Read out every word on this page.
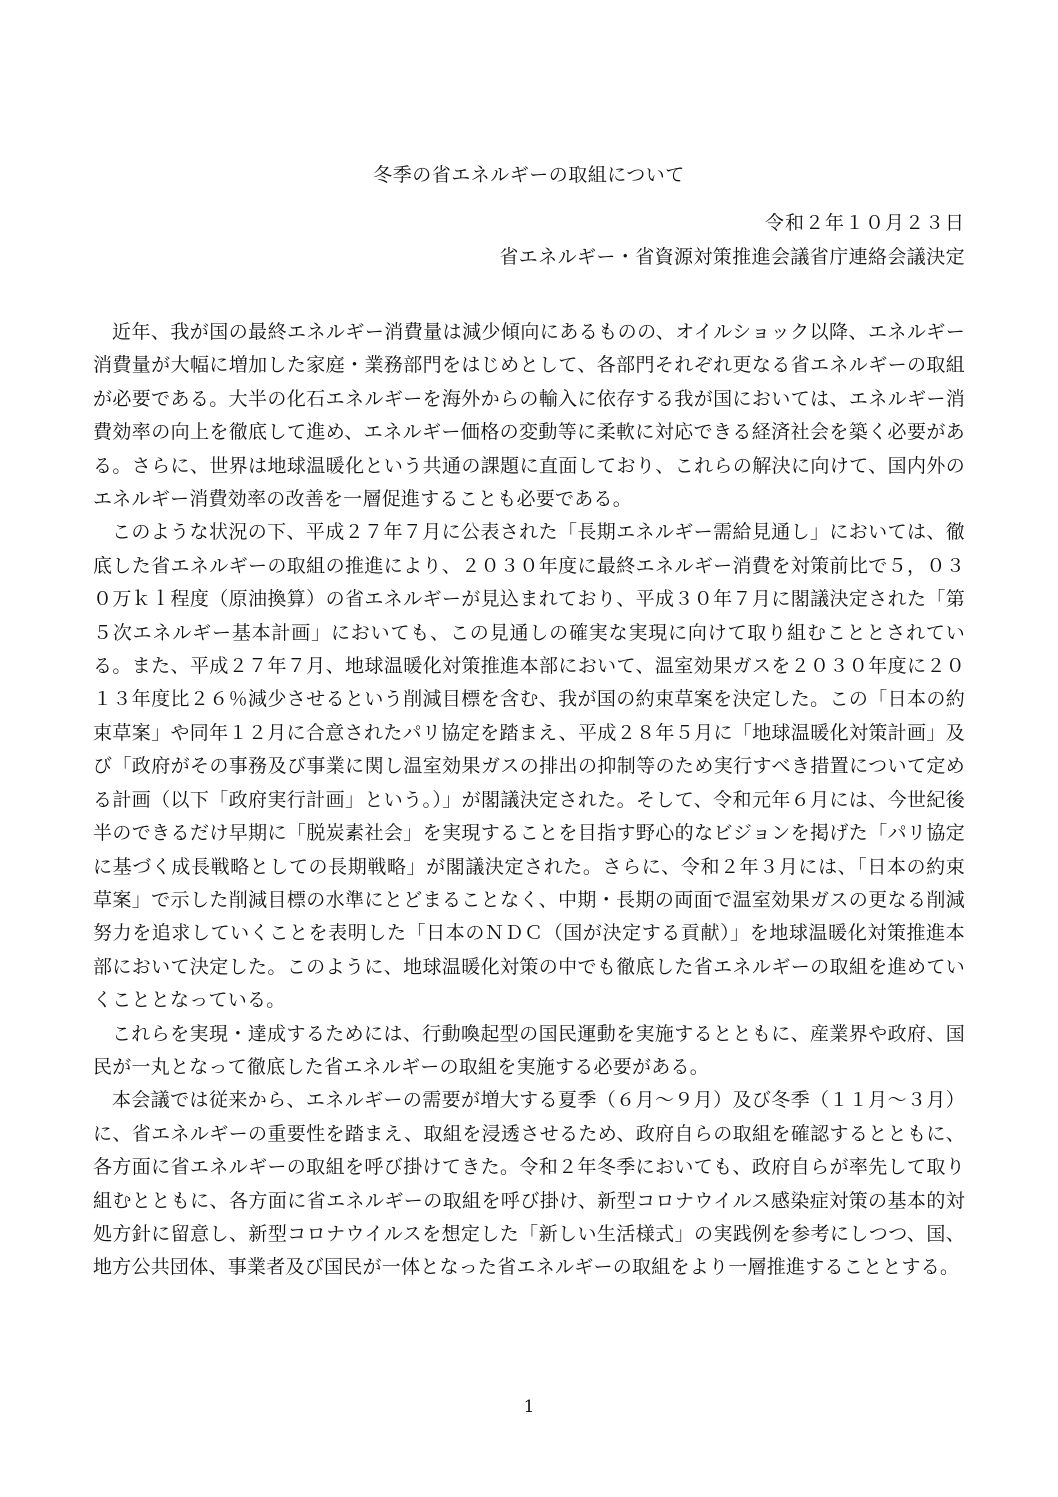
冬季の省エネルギーの取組について
令和２年１０月２３日
省エネルギー・省資源対策推進会議省庁連絡会議決定

近年、我が国の最終エネルギー消費量は減少傾向にあるものの、オイルショック以降、エネルギー消費量が大幅に増加した家庭・業務部門をはじめとして、各部門それぞれ更なる省エネルギーの取組が必要である。大半の化石エネルギーを海外からの輸入に依存する我が国においては、エネルギー消費効率の向上を徹底して進め、エネルギー価格の変動等に柔軟に対応できる経済社会を築く必要がある。さらに、世界は地球温暖化という共通の課題に直面しており、これらの解決に向けて、国内外のエネルギー消費効率の改善を一層促進することも必要である。

このような状況の下、平成２７年７月に公表された「長期エネルギー需給見通し」においては、徹底した省エネルギーの取組の推進により、２０３０年度に最終エネルギー消費を対策前比で５，０３０万ｋｌ程度（原油換算）の省エネルギーが見込まれており、平成３０年７月に閣議決定された「第５次エネルギー基本計画」においても、この見通しの確実な実現に向けて取り組むこととされている。また、平成２７年７月、地球温暖化対策推進本部において、温室効果ガスを２０３０年度に２０１３年度比２６％減少させるという削減目標を含む、我が国の約束草案を決定した。この「日本の約束草案」や同年１２月に合意されたパリ協定を踏まえ、平成２８年５月に「地球温暖化対策計画」及び「政府がその事務及び事業に関し温室効果ガスの排出の抑制等のため実行すべき措置について定める計画（以下「政府実行計画」という。）」が閣議決定された。そして、令和元年６月には、今世紀後半のできるだけ早期に「脱炭素社会」を実現することを目指す野心的なビジョンを掲げた「パリ協定に基づく成長戦略としての長期戦略」が閣議決定された。さらに、令和２年３月には、「日本の約束草案」で示した削減目標の水準にとどまることなく、中期・長期の両面で温室効果ガスの更なる削減努力を追求していくことを表明した「日本のＮＤＣ（国が決定する貢献）」を地球温暖化対策推進本部において決定した。このように、地球温暖化対策の中でも徹底した省エネルギーの取組を進めていくこととなっている。

これらを実現・達成するためには、行動喚起型の国民運動を実施するとともに、産業界や政府、国民が一丸となって徹底した省エネルギーの取組を実施する必要がある。

本会議では従来から、エネルギーの需要が増大する夏季（６月～９月）及び冬季（１１月～３月）に、省エネルギーの重要性を踏まえ、取組を浸透させるため、政府自らの取組を確認するとともに、各方面に省エネルギーの取組を呼び掛けてきた。令和２年冬季においても、政府自らが率先して取り組むとともに、各方面に省エネルギーの取組を呼び掛け、新型コロナウイルス感染症対策の基本的対処方針に留意し、新型コロナウイルスを想定した「新しい生活様式」の実践例を参考にしつつ、国、地方公共団体、事業者及び国民が一体となった省エネルギーの取組をより一層推進することとする。

1
